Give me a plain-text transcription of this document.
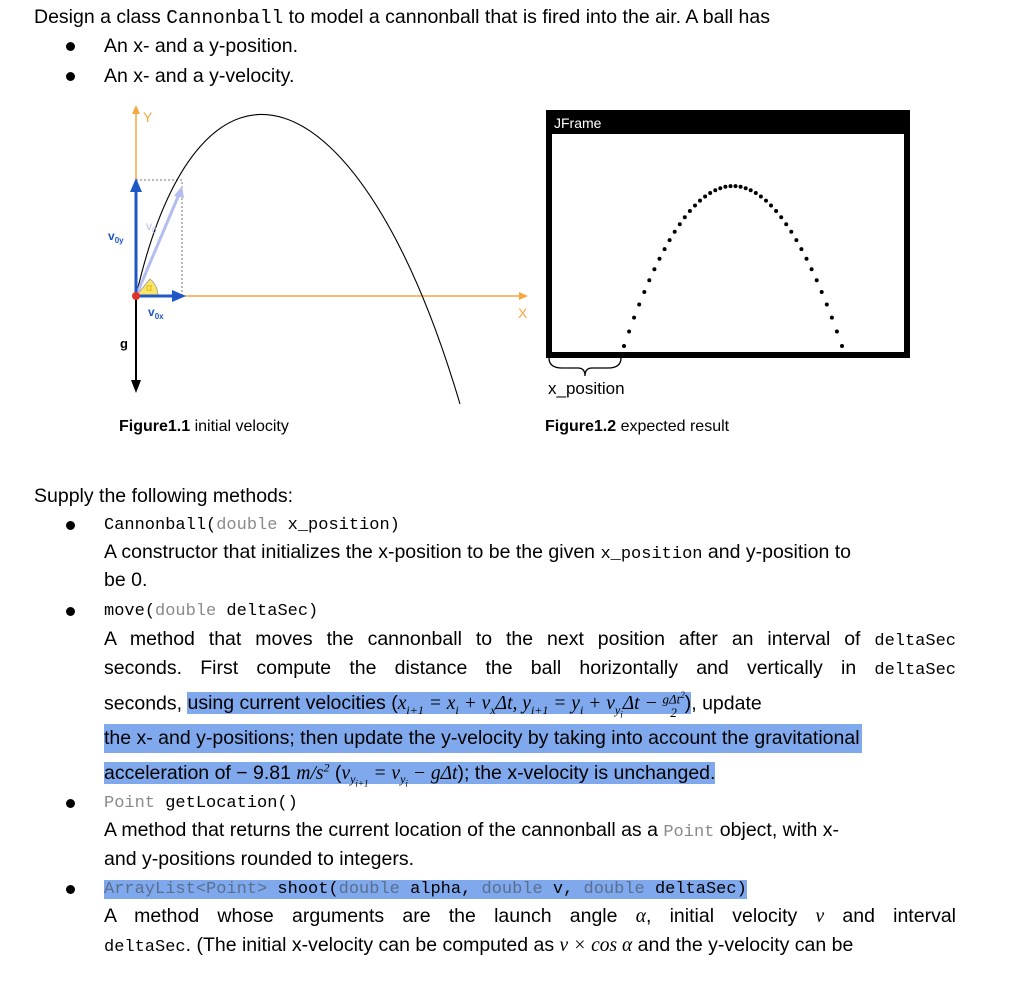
Design a class Cannonball to model a cannonball that is fired into the air. A ball has
An x- and a y-position.
An x- and a y-velocity.
Y
X
$v_{0y}$
$v_0$
$v_{0x}$
α
g
Figure1.1 initial velocity
JFrame
x_position
Figure1.2 expected result
Supply the following methods:
Cannonball(double x_position)
A constructor that initializes the x-position to be the given x_position and y-position to
be 0.
move(double deltaSec)
A method that moves the cannonball to the next position after an interval of deltaSec
seconds. First compute the distance the ball horizontally and vertically in deltaSec
seconds, using current velocities ($x_{i+1} = x_i + v_x\Delta t$, $y_{i+1} = y_i + v_{y_i}\Delta t - g\Delta t^2$
2 ), update
the x- and y-positions; then update the y-velocity by taking into account the gravitational
acceleration of − 9.81 $m/s^2$ $(v_{y_{i+1}} = v_{y_i} - g\Delta t)$; the x-velocity is unchanged.
Point getLocation()
A method that returns the current location of the cannonball as a Point object, with x-
and y-positions rounded to integers.
ArrayList<Point> shoot(double alpha, double v, double deltaSec)
A method whose arguments are the launch angle α, initial velocity v and interval
deltaSec. (The initial x-velocity can be computed as v × cos α and the y-velocity can be
